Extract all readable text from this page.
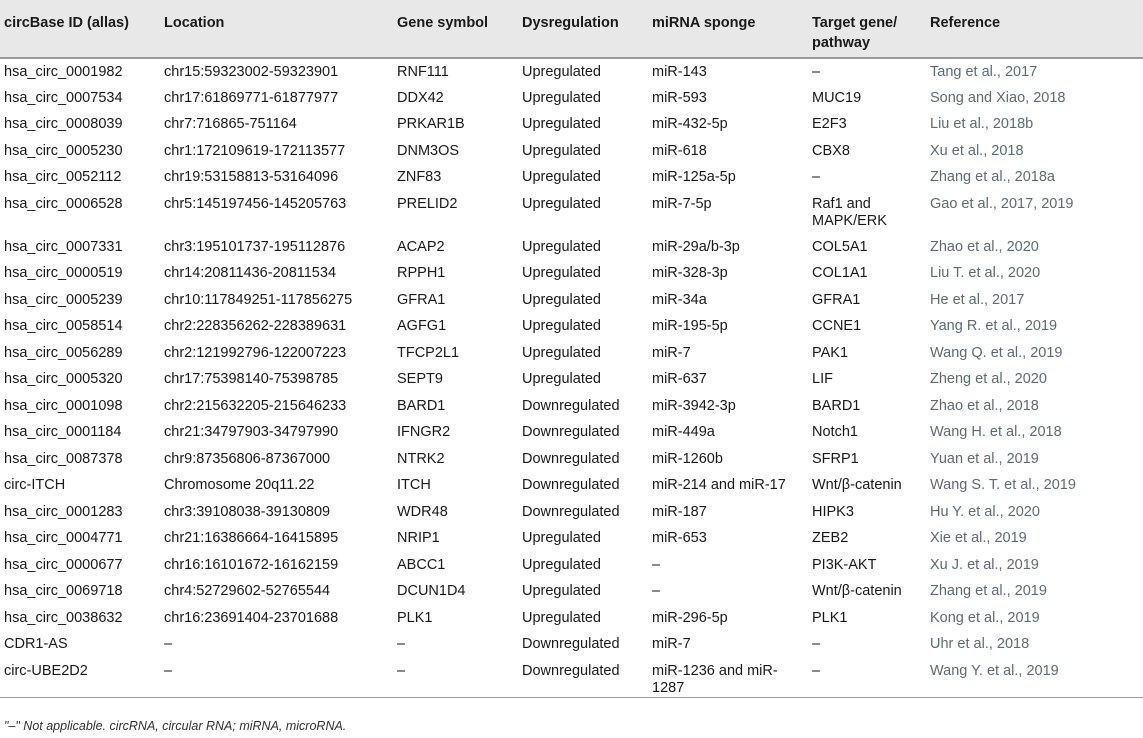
circBase ID (allas)	Location	Gene symbol	Dysregulation	miRNA sponge	Target gene/ pathway	Reference
hsa_circ_0001982	chr15:59323002-59323901	RNF111	Upregulated	miR-143	–	Tang et al., 2017
hsa_circ_0007534	chr17:61869771-61877977	DDX42	Upregulated	miR-593	MUC19	Song and Xiao, 2018
hsa_circ_0008039	chr7:716865-751164	PRKAR1B	Upregulated	miR-432-5p	E2F3	Liu et al., 2018b
hsa_circ_0005230	chr1:172109619-172113577	DNM3OS	Upregulated	miR-618	CBX8	Xu et al., 2018
hsa_circ_0052112	chr19:53158813-53164096	ZNF83	Upregulated	miR-125a-5p	–	Zhang et al., 2018a
hsa_circ_0006528	chr5:145197456-145205763	PRELID2	Upregulated	miR-7-5p	Raf1 and MAPK/ERK	Gao et al., 2017, 2019
hsa_circ_0007331	chr3:195101737-195112876	ACAP2	Upregulated	miR-29a/b-3p	COL5A1	Zhao et al., 2020
hsa_circ_0000519	chr14:20811436-20811534	RPPH1	Upregulated	miR-328-3p	COL1A1	Liu T. et al., 2020
hsa_circ_0005239	chr10:117849251-117856275	GFRA1	Upregulated	miR-34a	GFRA1	He et al., 2017
hsa_circ_0058514	chr2:228356262-228389631	AGFG1	Upregulated	miR-195-5p	CCNE1	Yang R. et al., 2019
hsa_circ_0056289	chr2:121992796-122007223	TFCP2L1	Upregulated	miR-7	PAK1	Wang Q. et al., 2019
hsa_circ_0005320	chr17:75398140-75398785	SEPT9	Upregulated	miR-637	LIF	Zheng et al., 2020
hsa_circ_0001098	chr2:215632205-215646233	BARD1	Downregulated	miR-3942-3p	BARD1	Zhao et al., 2018
hsa_circ_0001184	chr21:34797903-34797990	IFNGR2	Downregulated	miR-449a	Notch1	Wang H. et al., 2018
hsa_circ_0087378	chr9:87356806-87367000	NTRK2	Downregulated	miR-1260b	SFRP1	Yuan et al., 2019
circ-ITCH	Chromosome 20q11.22	ITCH	Downregulated	miR-214 and miR-17	Wnt/β-catenin	Wang S. T. et al., 2019
hsa_circ_0001283	chr3:39108038-39130809	WDR48	Downregulated	miR-187	HIPK3	Hu Y. et al., 2020
hsa_circ_0004771	chr21:16386664-16415895	NRIP1	Upregulated	miR-653	ZEB2	Xie et al., 2019
hsa_circ_0000677	chr16:16101672-16162159	ABCC1	Upregulated	–	PI3K-AKT	Xu J. et al., 2019
hsa_circ_0069718	chr4:52729602-52765544	DCUN1D4	Upregulated	–	Wnt/β-catenin	Zhang et al., 2019
hsa_circ_0038632	chr16:23691404-23701688	PLK1	Upregulated	miR-296-5p	PLK1	Kong et al., 2019
CDR1-AS	–	–	Downregulated	miR-7	–	Uhr et al., 2018
circ-UBE2D2	–	–	Downregulated	miR-1236 and miR-1287	–	Wang Y. et al., 2019
"–" Not applicable. circRNA, circular RNA; miRNA, microRNA.
